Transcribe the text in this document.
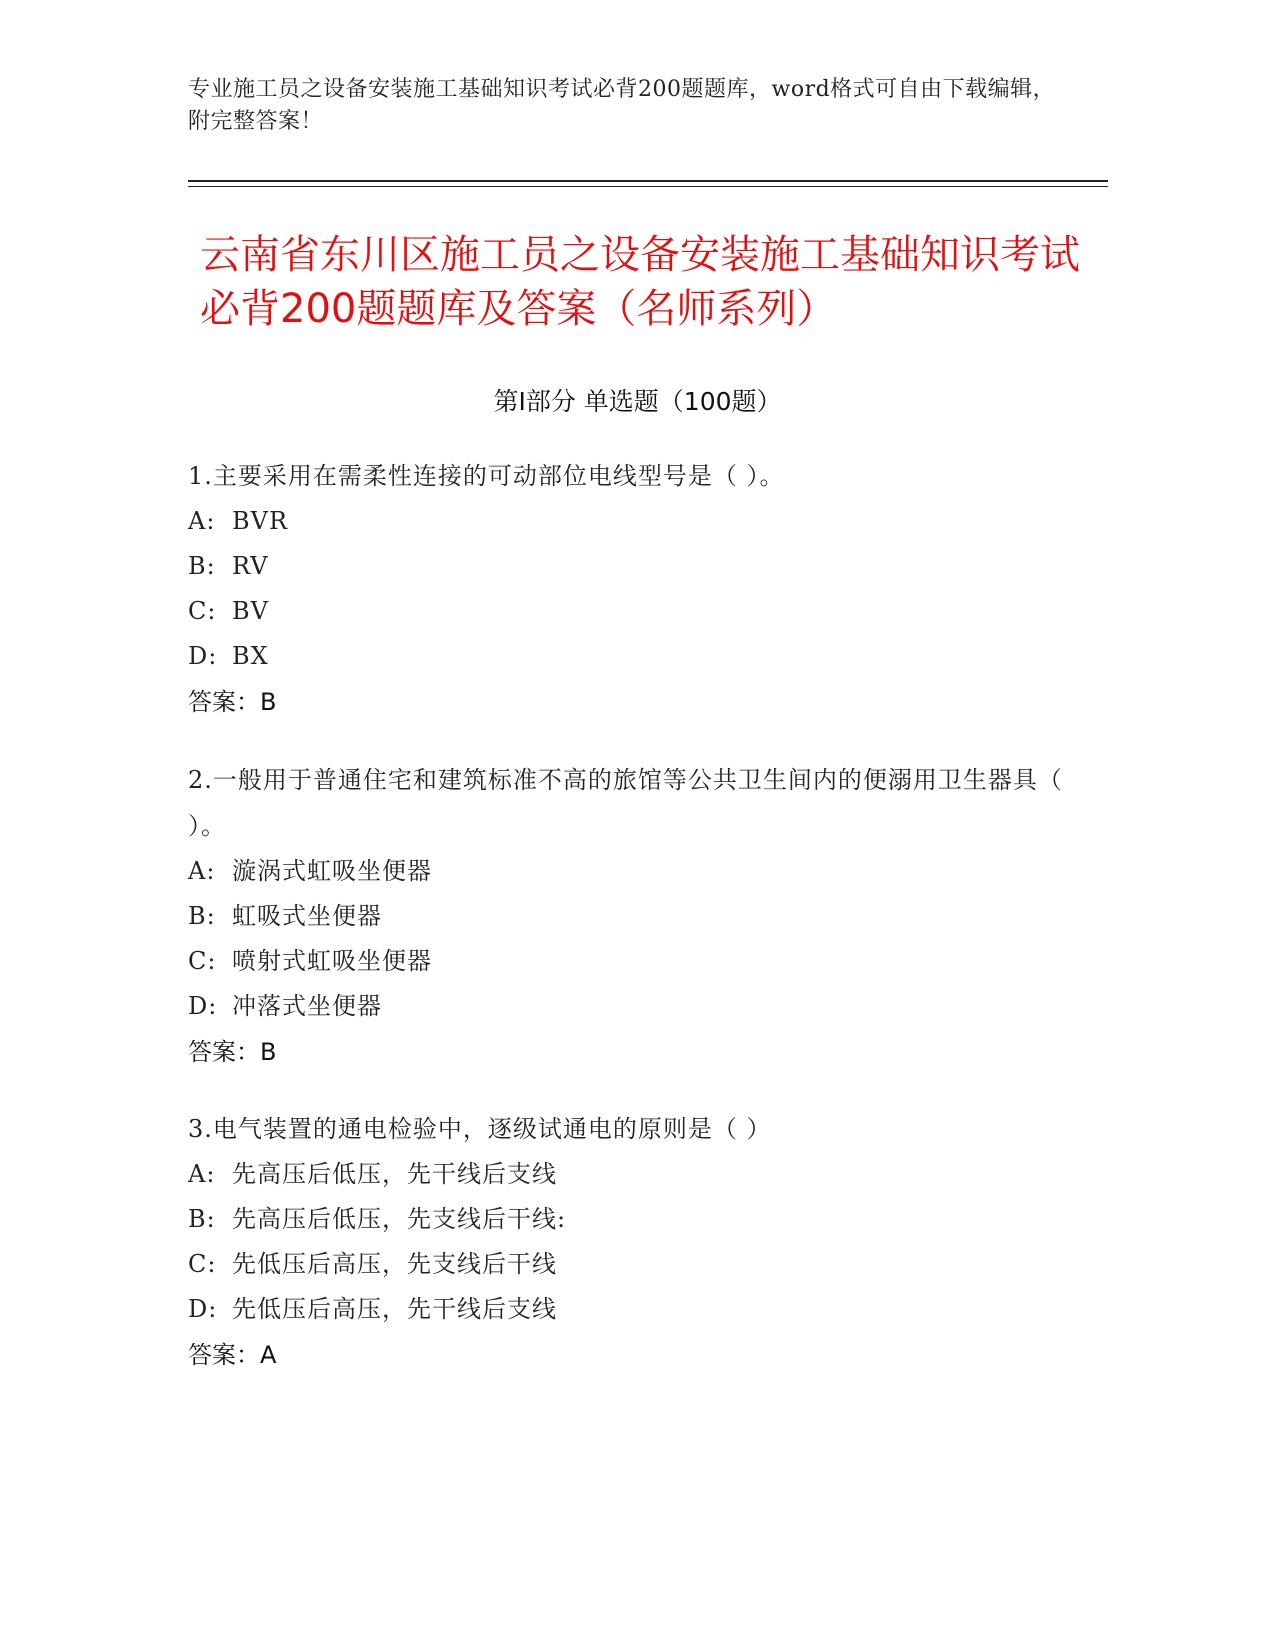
专业施工员之设备安装施工基础知识考试必背200题题库，word格式可自由下载编辑，附完整答案！
云南省东川区施工员之设备安装施工基础知识考试必背200题题库及答案（名师系列）
第I部分 单选题（100题）
1.主要采用在需柔性连接的可动部位电线型号是（ ）。
A: BVR
B: RV
C: BV
D: BX
答案：B
2.一般用于普通住宅和建筑标准不高的旅馆等公共卫生间内的便溺用卫生器具（ ）。
A: 漩涡式虹吸坐便器
B: 虹吸式坐便器
C: 喷射式虹吸坐便器
D: 冲落式坐便器
答案：B
3.电气装置的通电检验中，逐级试通电的原则是（ ）
A: 先高压后低压，先干线后支线
B: 先高压后低压，先支线后干线:
C: 先低压后高压，先支线后干线
D: 先低压后高压，先干线后支线
答案：A
